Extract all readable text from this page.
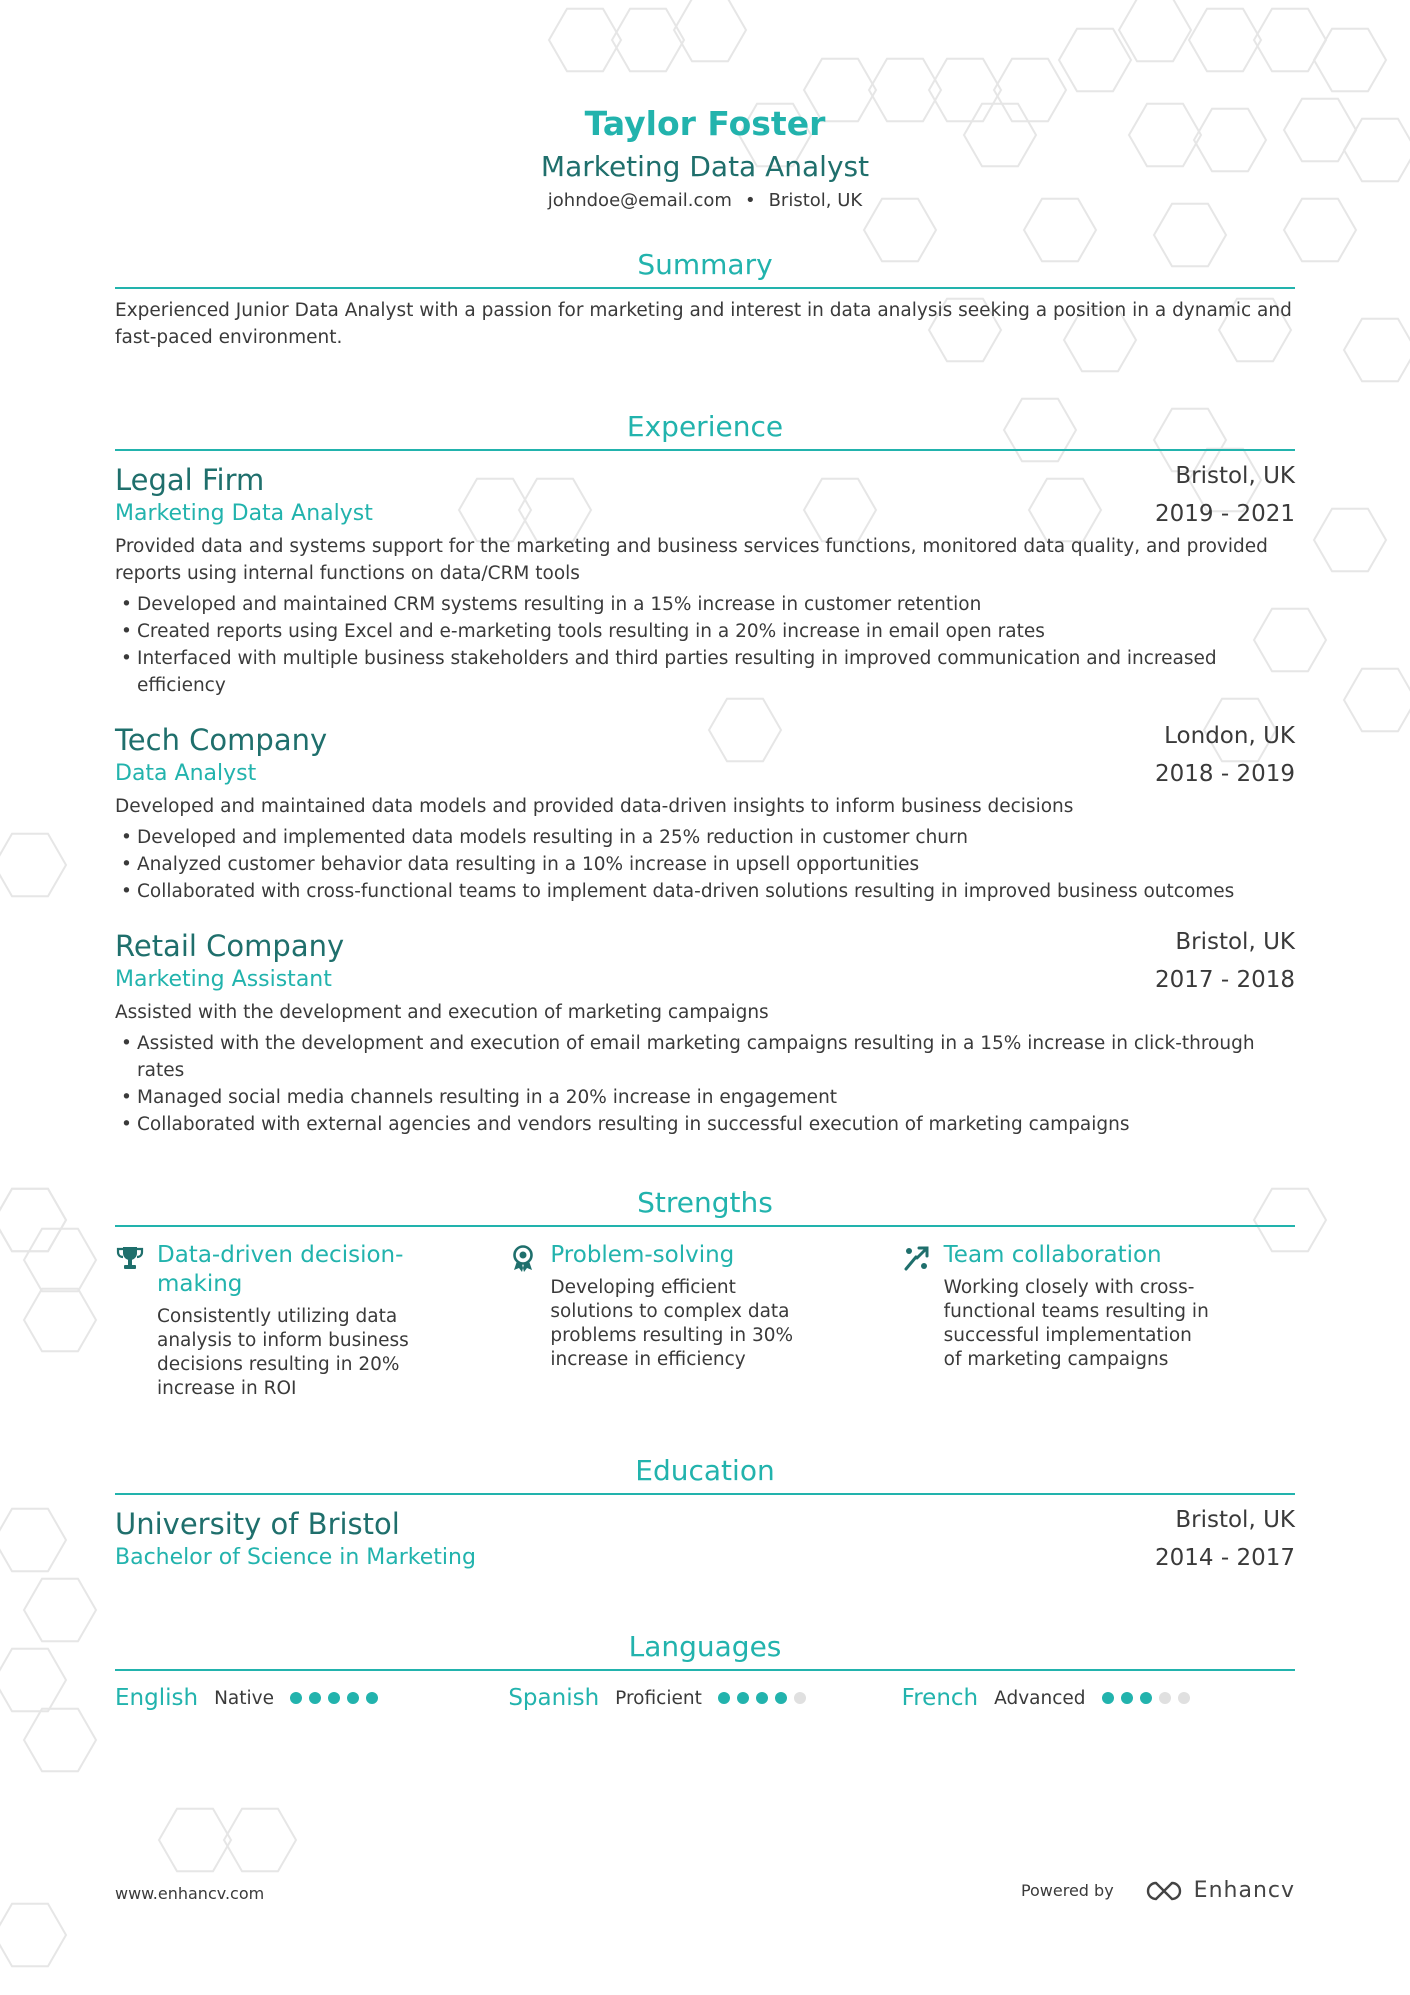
Taylor Foster
Marketing Data Analyst
johndoe@email.com • Bristol, UK
Summary
Experienced Junior Data Analyst with a passion for marketing and interest in data analysis seeking a position in a dynamic and fast-paced environment.
Experience
Legal Firm
Marketing Data Analyst
Bristol, UK
2019 - 2021
Provided data and systems support for the marketing and business services functions, monitored data quality, and provided reports using internal functions on data/CRM tools
• Developed and maintained CRM systems resulting in a 15% increase in customer retention
• Created reports using Excel and e-marketing tools resulting in a 20% increase in email open rates
• Interfaced with multiple business stakeholders and third parties resulting in improved communication and increased efficiency
Tech Company
Data Analyst
London, UK
2018 - 2019
Developed and maintained data models and provided data-driven insights to inform business decisions
• Developed and implemented data models resulting in a 25% reduction in customer churn
• Analyzed customer behavior data resulting in a 10% increase in upsell opportunities
• Collaborated with cross-functional teams to implement data-driven solutions resulting in improved business outcomes
Retail Company
Marketing Assistant
Bristol, UK
2017 - 2018
Assisted with the development and execution of marketing campaigns
• Assisted with the development and execution of email marketing campaigns resulting in a 15% increase in click-through rates
• Managed social media channels resulting in a 20% increase in engagement
• Collaborated with external agencies and vendors resulting in successful execution of marketing campaigns
Strengths
Data-driven decision-making
Consistently utilizing data analysis to inform business decisions resulting in 20% increase in ROI
Problem-solving
Developing efficient solutions to complex data problems resulting in 30% increase in efficiency
Team collaboration
Working closely with cross-functional teams resulting in successful implementation of marketing campaigns
Education
University of Bristol
Bachelor of Science in Marketing
Bristol, UK
2014 - 2017
Languages
English Native	Spanish Proficient	French Advanced
www.enhancv.com	Powered by	Enhancv
